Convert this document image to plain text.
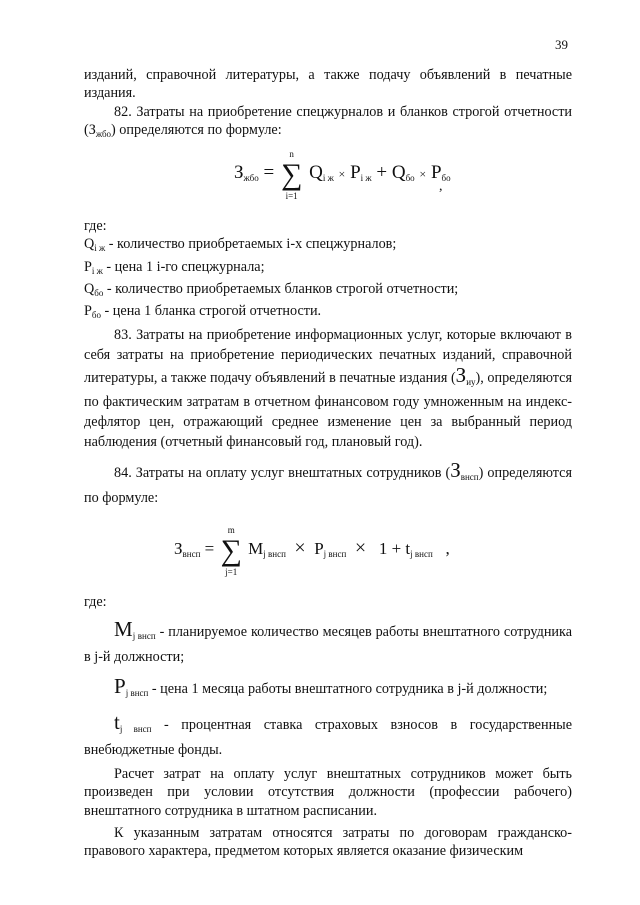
39

изданий, справочной литературы, а также подачу объявлений в печатные издания.

82. Затраты на приобретение спецжурналов и бланков строгой отчетности $(З_{жбо})$ определяются по формуле:

$З_{жбо}$ = ∑
n
i=1
$Q_{i ж} \times P_{i ж} + Q_{бо} \times P_{бо}$
,

где:

$Q_{i ж}$ - количество приобретаемых i-х спецжурналов;

$P_{i ж}$ - цена 1 i-го спецжурнала;

$Q_{бо}$ - количество приобретаемых бланков строгой отчетности;

$P_{бо}$ - цена 1 бланка строгой отчетности.

83. Затраты на приобретение информационных услуг, которые включают в себя затраты на приобретение периодических печатных изданий, справочной литературы, а также подачу объявлений в печатные издания $(З_{иу})$, определяются по фактическим затратам в отчетном финансовом году умноженным на индекс-дефлятор цен, отражающий среднее изменение цен за выбранный период наблюдения (отчетный финансовый год, плановый год).

84. Затраты на оплату услуг внештатных сотрудников $(З_{внсп})$ определяются по формуле:

$З_{внсп}$ = ∑
m
j=1
$M_{j внсп} \times P_{j внсп} \times 1 + t_{j внсп}$ ,

где:

$M_{j внсп}$ - планируемое количество месяцев работы внештатного сотрудника в j-й должности;

$P_{j внсп}$ - цена 1 месяца работы внештатного сотрудника в j-й должности;

$t_{j внсп}$ - процентная ставка страховых взносов в государственные внебюджетные фонды.

Расчет затрат на оплату услуг внештатных сотрудников может быть произведен при условии отсутствия должности (профессии рабочего) внештатного сотрудника в штатном расписании.

К указанным затратам относятся затраты по договорам гражданско-правового характера, предметом которых является оказание физическим
